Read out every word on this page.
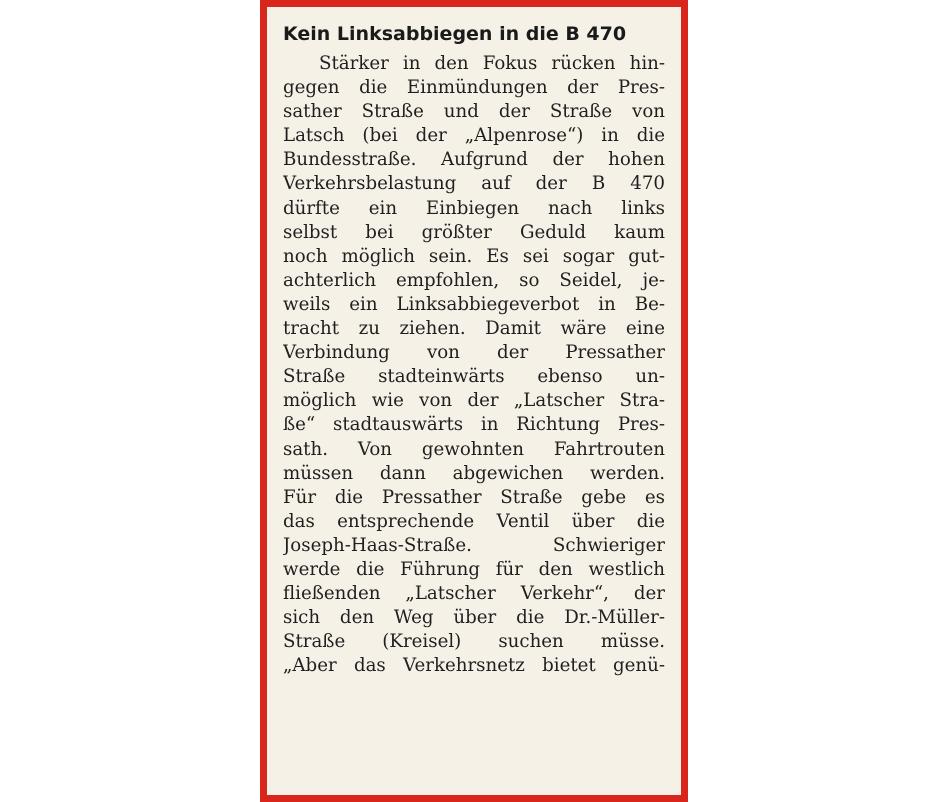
Kein Linksabbiegen in die B 470
Stärker in den Fokus rücken hin-
gegen die Einmündungen der Pres-
sather Straße und der Straße von
Latsch (bei der „Alpenrose“) in die
Bundesstraße. Aufgrund der hohen
Verkehrsbelastung auf der B 470
dürfte ein Einbiegen nach links
selbst bei größter Geduld kaum
noch möglich sein. Es sei sogar gut-
achterlich empfohlen, so Seidel, je-
weils ein Linksabbiegeverbot in Be-
tracht zu ziehen. Damit wäre eine
Verbindung von der Pressather
Straße stadteinwärts ebenso un-
möglich wie von der „Latscher Stra-
ße“ stadtauswärts in Richtung Pres-
sath. Von gewohnten Fahrtrouten
müssen dann abgewichen werden.
Für die Pressather Straße gebe es
das entsprechende Ventil über die
Joseph-Haas-Straße. Schwieriger
werde die Führung für den westlich
fließenden „Latscher Verkehr“, der
sich den Weg über die Dr.-Müller-
Straße (Kreisel) suchen müsse.
„Aber das Verkehrsnetz bietet genü-
